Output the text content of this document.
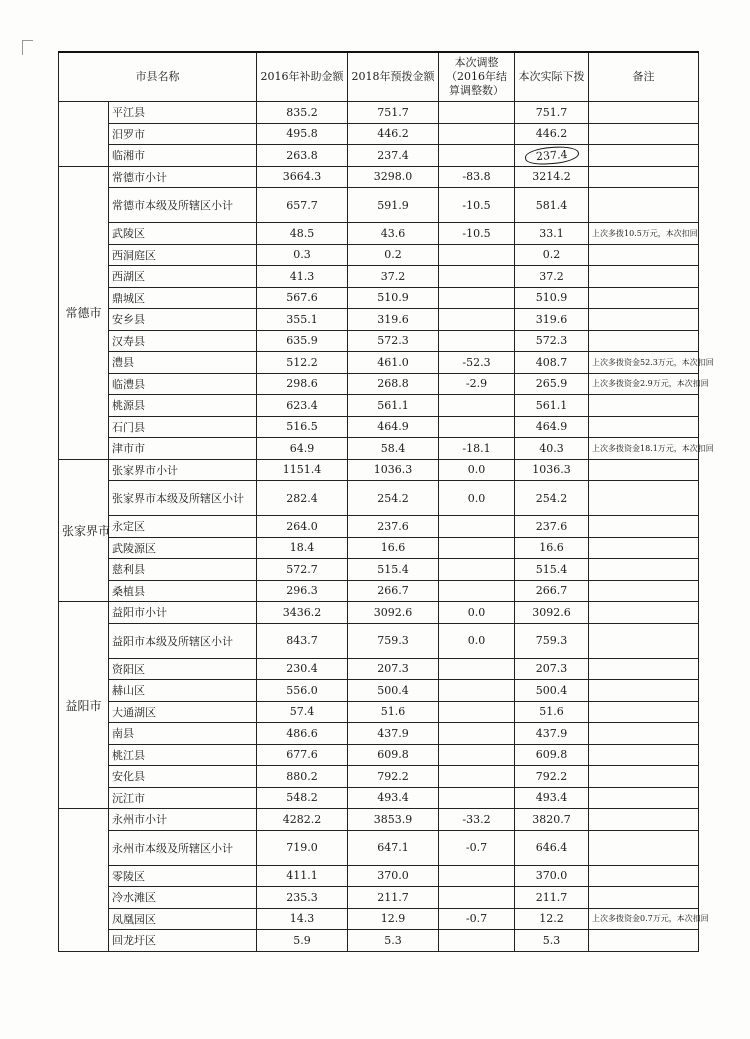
市县名称		2016年补助金额	2018年预拨金额	本次调整（2016年结算调整数）	本次实际下拨	备注
	平江县	835.2	751.7		751.7	
	汨罗市	495.8	446.2		446.2	
	临湘市	263.8	237.4		237.4	
常德市	常德市小计	3664.3	3298.0	-83.8	3214.2	
	常德市本级及所辖区小计	657.7	591.9	-10.5	581.4	
	武陵区	48.5	43.6	-10.5	33.1	上次多拨10.5万元，本次扣回
	西洞庭区	0.3	0.2		0.2	
	西湖区	41.3	37.2		37.2	
	鼎城区	567.6	510.9		510.9	
	安乡县	355.1	319.6		319.6	
	汉寿县	635.9	572.3		572.3	
	澧县	512.2	461.0	-52.3	408.7	上次多拨资金52.3万元，本次扣回
	临澧县	298.6	268.8	-2.9	265.9	上次多拨资金2.9万元，本次扣回
	桃源县	623.4	561.1		561.1	
	石门县	516.5	464.9		464.9	
	津市市	64.9	58.4	-18.1	40.3	上次多拨资金18.1万元，本次扣回
张家界市	张家界市小计	1151.4	1036.3	0.0	1036.3	
	张家界市本级及所辖区小计	282.4	254.2	0.0	254.2	
	永定区	264.0	237.6		237.6	
	武陵源区	18.4	16.6		16.6	
	慈利县	572.7	515.4		515.4	
	桑植县	296.3	266.7		266.7	
益阳市	益阳市小计	3436.2	3092.6	0.0	3092.6	
	益阳市本级及所辖区小计	843.7	759.3	0.0	759.3	
	资阳区	230.4	207.3		207.3	
	赫山区	556.0	500.4		500.4	
	大通湖区	57.4	51.6		51.6	
	南县	486.6	437.9		437.9	
	桃江县	677.6	609.8		609.8	
	安化县	880.2	792.2		792.2	
	沅江市	548.2	493.4		493.4	
	永州市小计	4282.2	3853.9	-33.2	3820.7	
	永州市本级及所辖区小计	719.0	647.1	-0.7	646.4	
	零陵区	411.1	370.0		370.0	
	冷水滩区	235.3	211.7		211.7	
	凤凰园区	14.3	12.9	-0.7	12.2	上次多拨资金0.7万元，本次扣回
	回龙圩区	5.9	5.3		5.3	
